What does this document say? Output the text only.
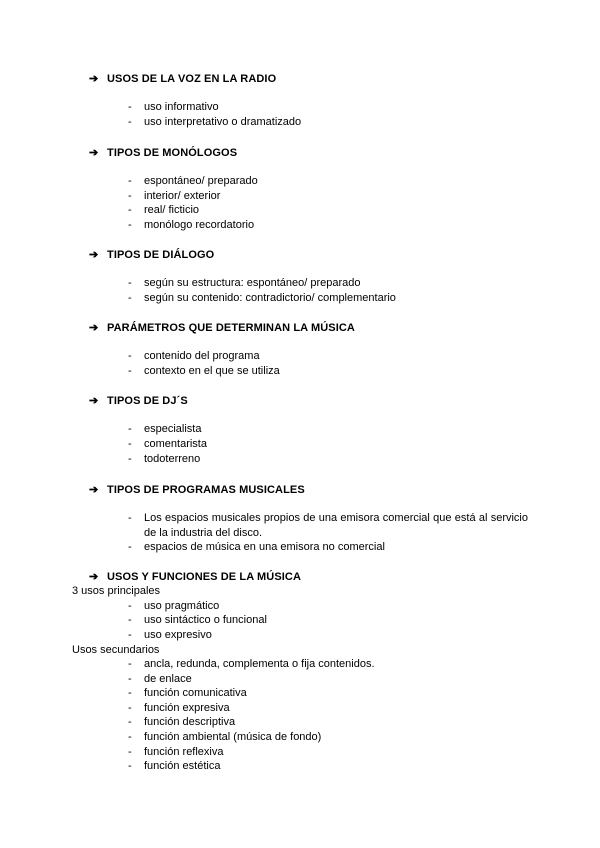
➔ USOS DE LA VOZ EN LA RADIO
- uso informativo
- uso interpretativo o dramatizado
➔ TIPOS DE MONÓLOGOS
- espontáneo/ preparado
- interior/ exterior
- real/ ficticio
- monólogo recordatorio
➔ TIPOS DE DIÁLOGO
- según su estructura: espontáneo/ preparado
- según su contenido: contradictorio/ complementario
➔ PARÁMETROS QUE DETERMINAN LA MÚSICA
- contenido del programa
- contexto en el que se utiliza
➔ TIPOS DE DJ´S
- especialista
- comentarista
- todoterreno
➔ TIPOS DE PROGRAMAS MUSICALES
- Los espacios musicales propios de una emisora comercial que está al servicio de la industria del disco.
- espacios de música en una emisora no comercial
➔ USOS Y FUNCIONES DE LA MÚSICA
3 usos principales
- uso pragmático
- uso sintáctico o funcional
- uso expresivo
Usos secundarios
- ancla, redunda, complementa o fija contenidos.
- de enlace
- función comunicativa
- función expresiva
- función descriptiva
- función ambiental (música de fondo)
- función reflexiva
- función estética
